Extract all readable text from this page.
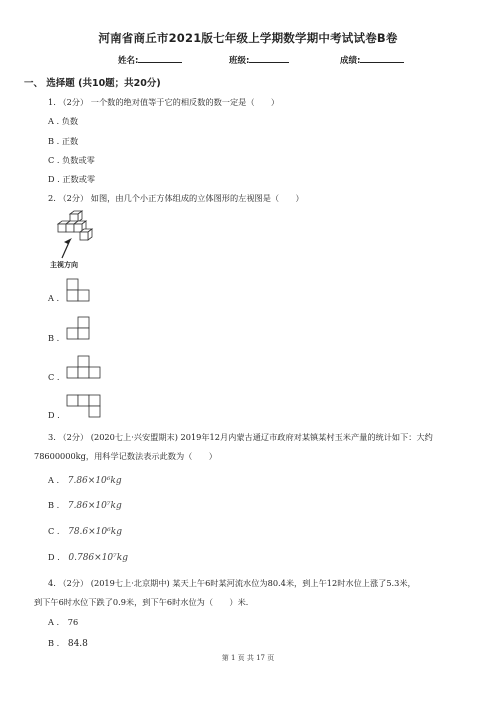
河南省商丘市2021版七年级上学期数学期中考试试卷B卷
姓名:	班级:	成绩:
一、 选择题 (共10题；共20分)
1. （2分） 一个数的绝对值等于它的相反数的数一定是（　　）
A . 负数
B . 正数
C . 负数或零
D . 正数或零
2. （2分） 如图，由几个小正方体组成的立体图形的左视图是（　　）
主视方向
A .
B .
C .
D .
3. （2分） (2020七上·兴安盟期末) 2019年12月内蒙古通辽市政府对某镇某村玉米产量的统计如下：大约
78600000kg，用科学记数法表示此数为（　　）
A . 7.86×10⁶kg
B . 7.86×10⁷kg
C . 78.6×10⁶kg
D . 0.786×10⁷kg
4. （2分） (2019七上·北京期中) 某天上午6时某河流水位为80.4米，到上午12时水位上涨了5.3米，
到下午6时水位下跌了0.9米，到下午6时水位为（　　）米．
A . 76
B . 84.8
第 1 页 共 17 页
